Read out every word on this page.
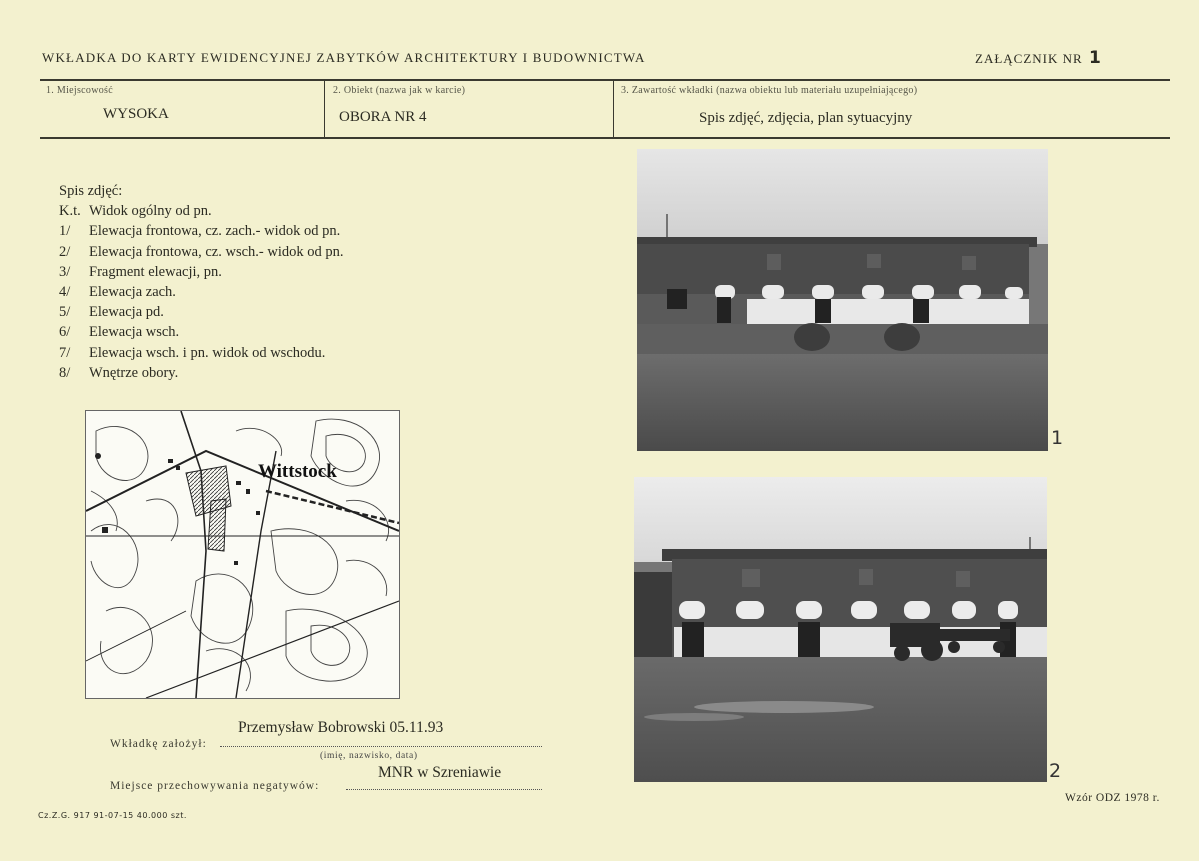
WKŁADKA DO KARTY EWIDENCYJNEJ ZABYTKÓW ARCHITEKTURY I BUDOWNICTWA	ZAŁĄCZNIK NR 1
1. Miejscowość
WYSOKA
2. Obiekt (nazwa jak w karcie)
OBORA NR 4
3. Zawartość wkładki (nazwa obiektu lub materiału uzupełniającego)
Spis zdjęć, zdjęcia, plan sytuacyjny
Spis zdjęć:
K.t. Widok ogólny od pn.
1/ Elewacja frontowa, cz. zach.- widok od pn.
2/ Elewacja frontowa, cz. wsch.- widok od pn.
3/ Fragment elewacji, pn.
4/ Elewacja zach.
5/ Elewacja pd.
6/ Elewacja wsch.
7/ Elewacja wsch. i pn. widok od wschodu.
8/ Wnętrze obory.
Wittstock
1
2
Przemysław Bobrowski 05.11.93
Wkładkę założył:
(imię, nazwisko, data)
MNR w Szreniawie
Miejsce przechowywania negatywów:
Cz.Z.G. 917 91-07-15 40.000 szt.
Wzór ODZ 1978 r.
